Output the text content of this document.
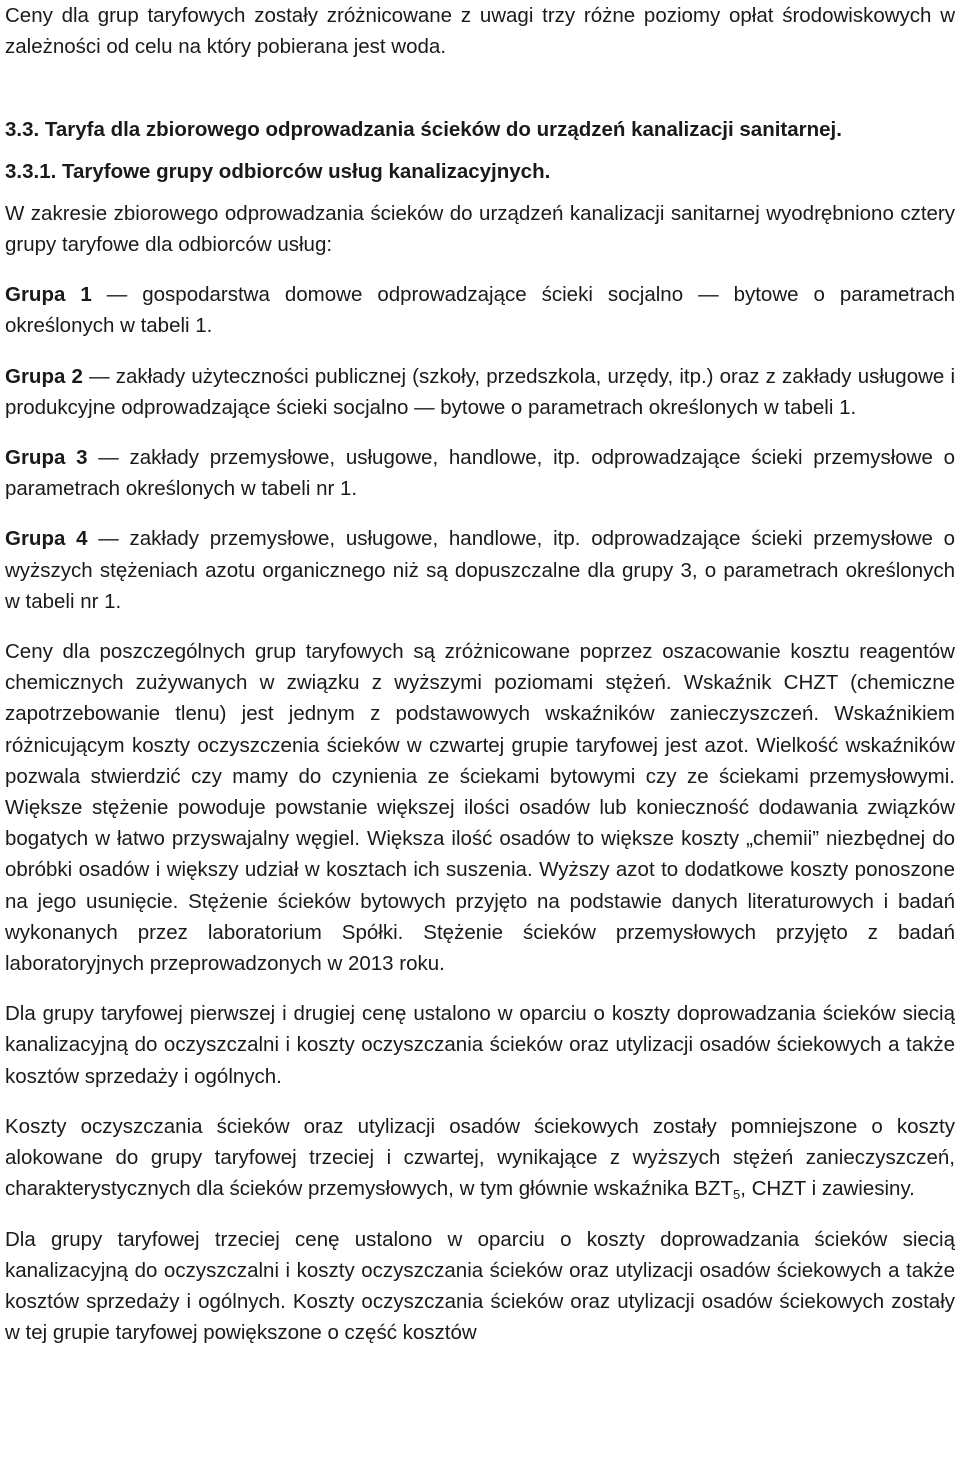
Ceny dla grup taryfowych zostały zróżnicowane z uwagi trzy różne poziomy opłat środowiskowych w zależności od celu na który pobierana jest woda.

3.3. Taryfa dla zbiorowego odprowadzania ścieków do urządzeń kanalizacji sanitarnej.
3.3.1. Taryfowe grupy odbiorców usług kanalizacyjnych.

W zakresie zbiorowego odprowadzania ścieków do urządzeń kanalizacji sanitarnej wyodrębniono cztery grupy taryfowe dla odbiorców usług:

Grupa 1 — gospodarstwa domowe odprowadzające ścieki socjalno — bytowe o parametrach określonych w tabeli 1.

Grupa 2 — zakłady użyteczności publicznej (szkoły, przedszkola, urzędy, itp.) oraz z zakłady usługowe i produkcyjne odprowadzające ścieki socjalno — bytowe o parametrach określonych w tabeli 1.

Grupa 3 — zakłady przemysłowe, usługowe, handlowe, itp. odprowadzające ścieki przemysłowe o parametrach określonych w tabeli nr 1.

Grupa 4 — zakłady przemysłowe, usługowe, handlowe, itp. odprowadzające ścieki przemysłowe o wyższych stężeniach azotu organicznego niż są dopuszczalne dla grupy 3, o parametrach określonych w tabeli nr 1.

Ceny dla poszczególnych grup taryfowych są zróżnicowane poprzez oszacowanie kosztu reagentów chemicznych zużywanych w związku z wyższymi poziomami stężeń. Wskaźnik CHZT (chemiczne zapotrzebowanie tlenu) jest jednym z podstawowych wskaźników zanieczyszczeń. Wskaźnikiem różnicującym koszty oczyszczenia ścieków w czwartej grupie taryfowej jest azot. Wielkość wskaźników pozwala stwierdzić czy mamy do czynienia ze ściekami bytowymi czy ze ściekami przemysłowymi. Większe stężenie powoduje powstanie większej ilości osadów lub konieczność dodawania związków bogatych w łatwo przyswajalny węgiel. Większa ilość osadów to większe koszty „chemii” niezbędnej do obróbki osadów i większy udział w kosztach ich suszenia. Wyższy azot to dodatkowe koszty ponoszone na jego usunięcie. Stężenie ścieków bytowych przyjęto na podstawie danych literaturowych i badań wykonanych przez laboratorium Spółki. Stężenie ścieków przemysłowych przyjęto z badań laboratoryjnych przeprowadzonych w 2013 roku.

Dla grupy taryfowej pierwszej i drugiej cenę ustalono w oparciu o koszty doprowadzania ścieków siecią kanalizacyjną do oczyszczalni i koszty oczyszczania ścieków oraz utylizacji osadów ściekowych a także kosztów sprzedaży i ogólnych.

Koszty oczyszczania ścieków oraz utylizacji osadów ściekowych zostały pomniejszone o koszty alokowane do grupy taryfowej trzeciej i czwartej, wynikające z wyższych stężeń zanieczyszczeń, charakterystycznych dla ścieków przemysłowych, w tym głównie wskaźnika $BZT_5$, CHZT i zawiesiny.

Dla grupy taryfowej trzeciej cenę ustalono w oparciu o koszty doprowadzania ścieków siecią kanalizacyjną do oczyszczalni i koszty oczyszczania ścieków oraz utylizacji osadów ściekowych a także kosztów sprzedaży i ogólnych. Koszty oczyszczania ścieków oraz utylizacji osadów ściekowych zostały w tej grupie taryfowej powiększone o część kosztów
